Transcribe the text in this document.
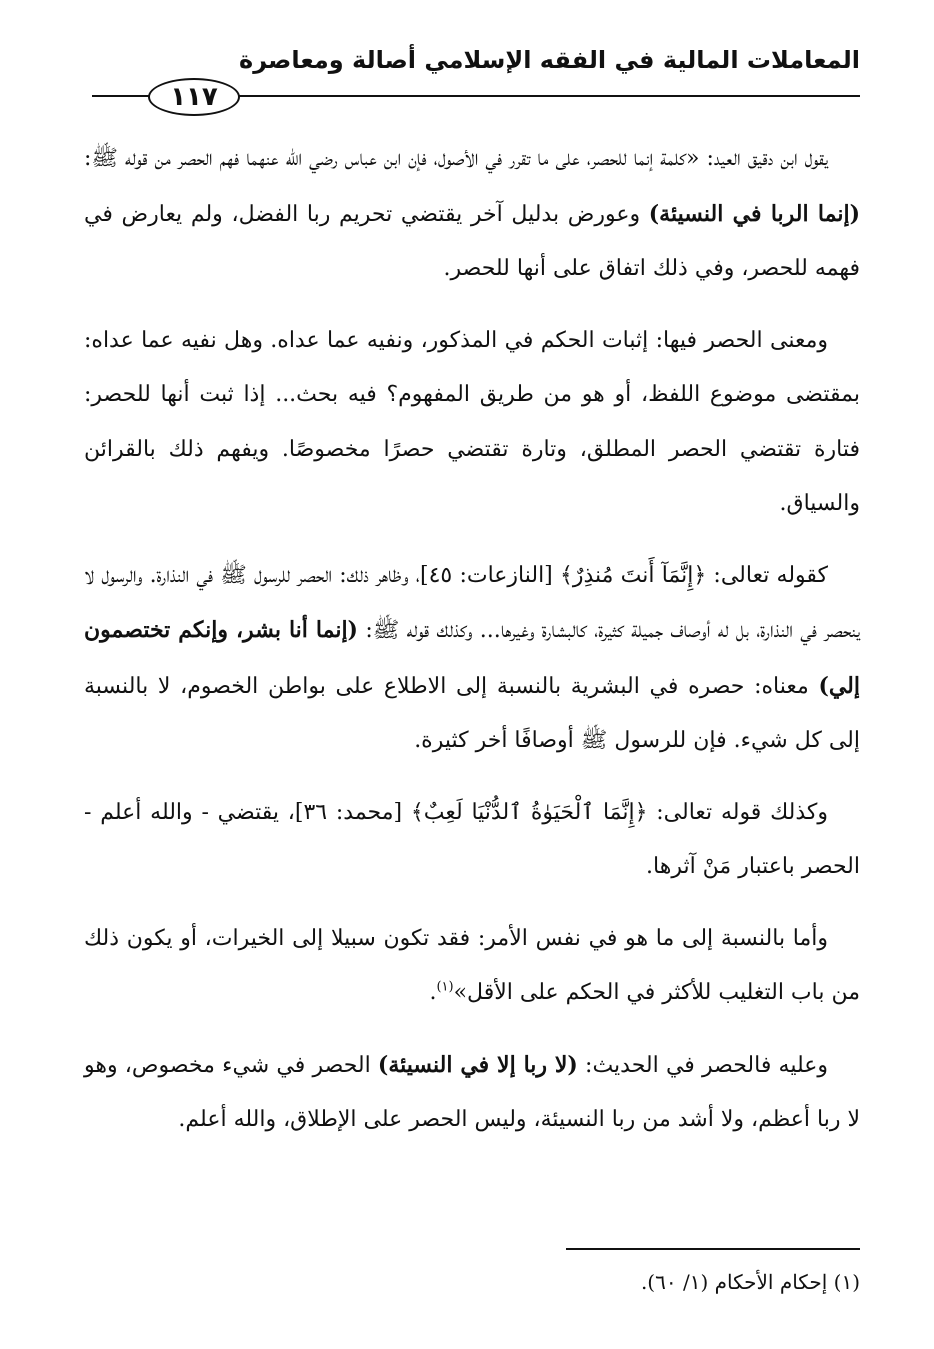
المعاملات المالية في الفقه الإسلامي أصالة ومعاصرة
١١٧

يقول ابن دقيق العيد: «كلمة إنما للحصر، على ما تقرر في الأصول، فإن ابن عباس رضي الله عنهما فهم الحصر من قوله ﷺ: (إنما الربا في النسيئة) وعورض بدليل آخر يقتضي تحريم ربا الفضل، ولم يعارض في فهمه للحصر، وفي ذلك اتفاق على أنها للحصر.

ومعنى الحصر فيها: إثبات الحكم في المذكور، ونفيه عما عداه. وهل نفيه عما عداه: بمقتضى موضوع اللفظ، أو هو من طريق المفهوم؟ فيه بحث... إذا ثبت أنها للحصر: فتارة تقتضي الحصر المطلق، وتارة تقتضي حصرًا مخصوصًا. ويفهم ذلك بالقرائن والسياق.

كقوله تعالى: ﴿إِنَّمَآ أَنتَ مُنذِرٌ﴾ [النازعات: ٤٥]، وظاهر ذلك: الحصر للرسول ﷺ في النذارة. والرسول لا ينحصر في النذارة، بل له أوصاف جميلة كثيرة، كالبشارة وغيرها... وكذلك قوله ﷺ: (إنما أنا بشر، وإنكم تختصمون إلي) معناه: حصره في البشرية بالنسبة إلى الاطلاع على بواطن الخصوم، لا بالنسبة إلى كل شيء. فإن للرسول ﷺ أوصافًا أخر كثيرة.

وكذلك قوله تعالى: ﴿إِنَّمَا ٱلْحَيَوٰةُ ٱلدُّنْيَا لَعِبٌ﴾ [محمد: ٣٦]، يقتضي - والله أعلم - الحصر باعتبار مَنْ آثرها.

وأما بالنسبة إلى ما هو في نفس الأمر: فقد تكون سبيلا إلى الخيرات، أو يكون ذلك من باب التغليب للأكثر في الحكم على الأقل»$^{(١)}$.

وعليه فالحصر في الحديث: (لا ربا إلا في النسيئة) الحصر في شيء مخصوص، وهو لا ربا أعظم، ولا أشد من ربا النسيئة، وليس الحصر على الإطلاق، والله أعلم.

(١) إحكام الأحكام (١/ ٦٠).
